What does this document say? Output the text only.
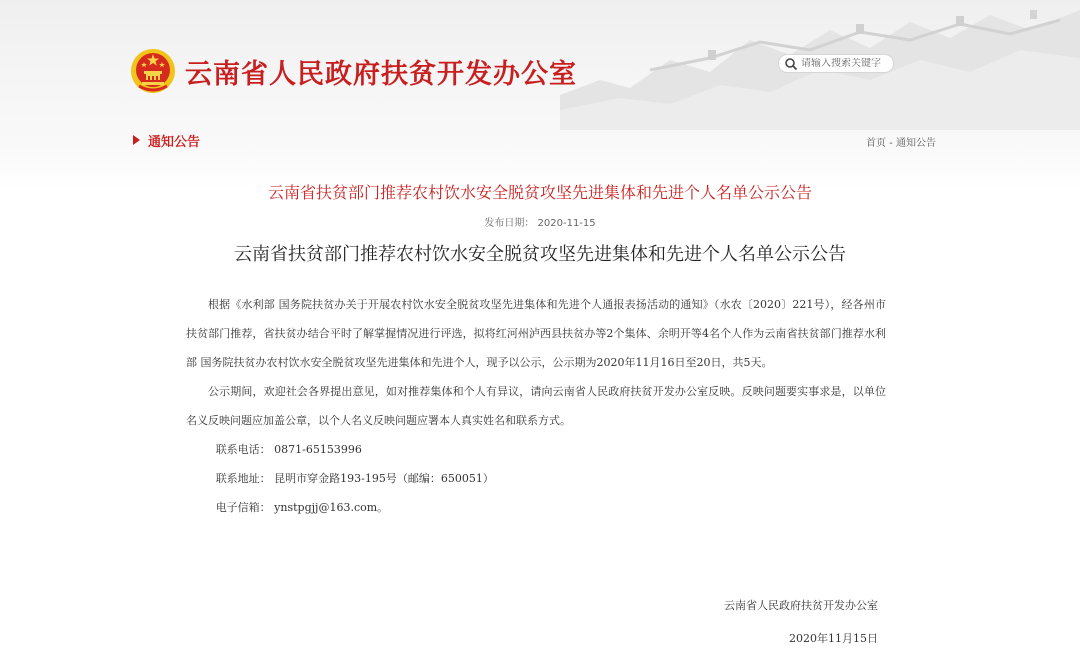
云南省人民政府扶贫开发办公室
请输入搜索关键字
通知公告	首页 - 通知公告
云南省扶贫部门推荐农村饮水安全脱贫攻坚先进集体和先进个人名单公示公告
发布日期： 2020-11-15
云南省扶贫部门推荐农村饮水安全脱贫攻坚先进集体和先进个人名单公示公告

根据《水利部 国务院扶贫办关于开展农村饮水安全脱贫攻坚先进集体和先进个人通报表扬活动的通知》（水农〔2020〕221号），经各州市扶贫部门推荐，省扶贫办结合平时了解掌握情况进行评选，拟将红河州泸西县扶贫办等2个集体、余明开等4名个人作为云南省扶贫部门推荐水利部 国务院扶贫办农村饮水安全脱贫攻坚先进集体和先进个人，现予以公示，公示期为2020年11月16日至20日，共5天。

公示期间，欢迎社会各界提出意见，如对推荐集体和个人有异议，请向云南省人民政府扶贫开发办公室反映。反映问题要实事求是，以单位名义反映问题应加盖公章，以个人名义反映问题应署本人真实姓名和联系方式。

联系电话： 0871-65153996

联系地址： 昆明市穿金路193-195号（邮编：650051）

电子信箱： ynstpgjj@163.com。

云南省人民政府扶贫开发办公室
2020年11月15日
